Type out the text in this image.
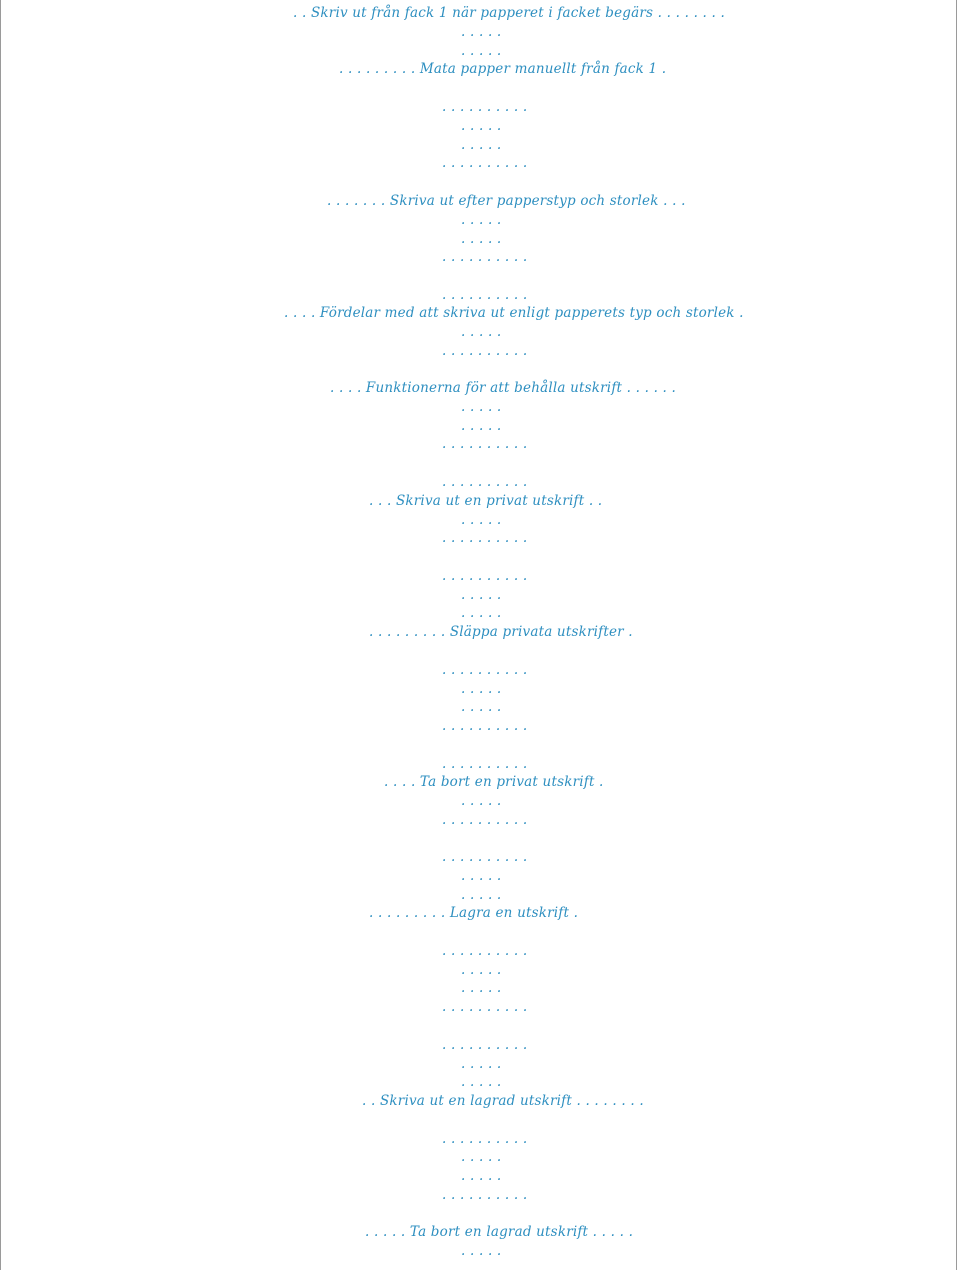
. . Skriv ut från fack 1 när papperet i facket begärs . . . . . . . .
. . . . .
. . . . .
. . . . . . . . . Mata papper manuellt från fack 1 .
. . . . . . . . . .
. . . . .
. . . . .
. . . . . . . . . .
. . . . . . . Skriva ut efter papperstyp och storlek . . .
. . . . .
. . . . .
. . . . . . . . . .
. . . . . . . . . .
. . . . Fördelar med att skriva ut enligt papperets typ och storlek .
. . . . .
. . . . . . . . . .
. . . . Funktionerna för att behålla utskrift . . . . . .
. . . . .
. . . . .
. . . . . . . . . .
. . . . . . . . . .
. . . Skriva ut en privat utskrift . .
. . . . .
. . . . . . . . . .
. . . . . . . . . .
. . . . .
. . . . .
. . . . . . . . . Släppa privata utskrifter .
. . . . . . . . . .
. . . . .
. . . . .
. . . . . . . . . .
. . . . . . . . . .
. . . . Ta bort en privat utskrift .
. . . . .
. . . . . . . . . .
. . . . . . . . . .
. . . . .
. . . . .
. . . . . . . . . Lagra en utskrift .
. . . . . . . . . .
. . . . .
. . . . .
. . . . . . . . . .
. . . . . . . . . .
. . . . .
. . . . .
. . Skriva ut en lagrad utskrift . . . . . . . .
. . . . . . . . . .
. . . . .
. . . . .
. . . . . . . . . .
. . . . . Ta bort en lagrad utskrift . . . . .
. . . . .
